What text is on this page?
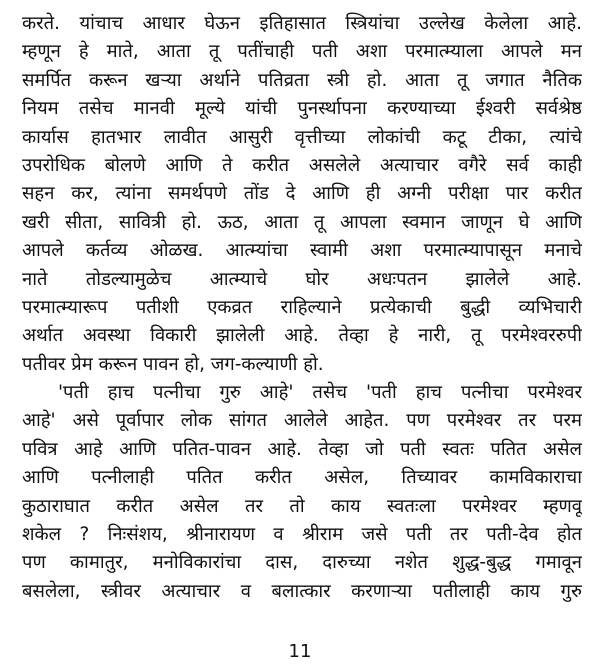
करते. यांचाच आधार घेऊन इतिहासात स्त्रियांचा उल्लेख केलेला आहे.
म्हणून हे माते, आता तू पतींचाही पती अशा परमात्म्याला आपले मन
समर्पित करून खऱ्या अर्थाने पतिव्रता स्त्री हो. आता तू जगात नैतिक
नियम तसेच मानवी मूल्ये यांची पुनर्स्थापना करण्याच्या ईश्वरी सर्वश्रेष्ठ
कार्यास हातभार लावीत आसुरी वृत्तीच्या लोकांची कटू टीका, त्यांचे
उपरोधिक बोलणे आणि ते करीत असलेले अत्याचार वगैरे सर्व काही
सहन कर, त्यांना समर्थपणे तोंड दे आणि ही अग्नी परीक्षा पार करीत
खरी सीता, सावित्री हो. ऊठ, आता तू आपला स्वमान जाणून घे आणि
आपले कर्तव्य ओळख. आत्म्यांचा स्वामी अशा परमात्म्यापासून मनाचे
नाते तोडल्यामुळेच आत्म्याचे घोर अधःपतन झालेले आहे.
परमात्म्यारूप पतीशी एकव्रत राहिल्याने प्रत्येकाची बुद्धी व्यभिचारी
अर्थात अवस्था विकारी झालेली आहे. तेव्हा हे नारी, तू परमेश्वररुपी
पतीवर प्रेम करून पावन हो, जग-कल्याणी हो.
'पती हाच पत्नीचा गुरु आहे' तसेच 'पती हाच पत्नीचा परमेश्वर
आहे' असे पूर्वापार लोक सांगत आलेले आहेत. पण परमेश्वर तर परम
पवित्र आहे आणि पतित-पावन आहे. तेव्हा जो पती स्वतः पतित असेल
आणि पत्नीलाही पतित करीत असेल, तिच्यावर कामविकाराचा
कुठाराघात करीत असेल तर तो काय स्वतःला परमेश्वर म्हणवू
शकेल ? निःसंशय, श्रीनारायण व श्रीराम जसे पती तर पती-देव होत
पण कामातुर, मनोविकारांचा दास, दारुच्या नशेत शुद्ध-बुद्ध गमावून
बसलेला, स्त्रीवर अत्याचार व बलात्कार करणाऱ्या पतीलाही काय गुरु
11
